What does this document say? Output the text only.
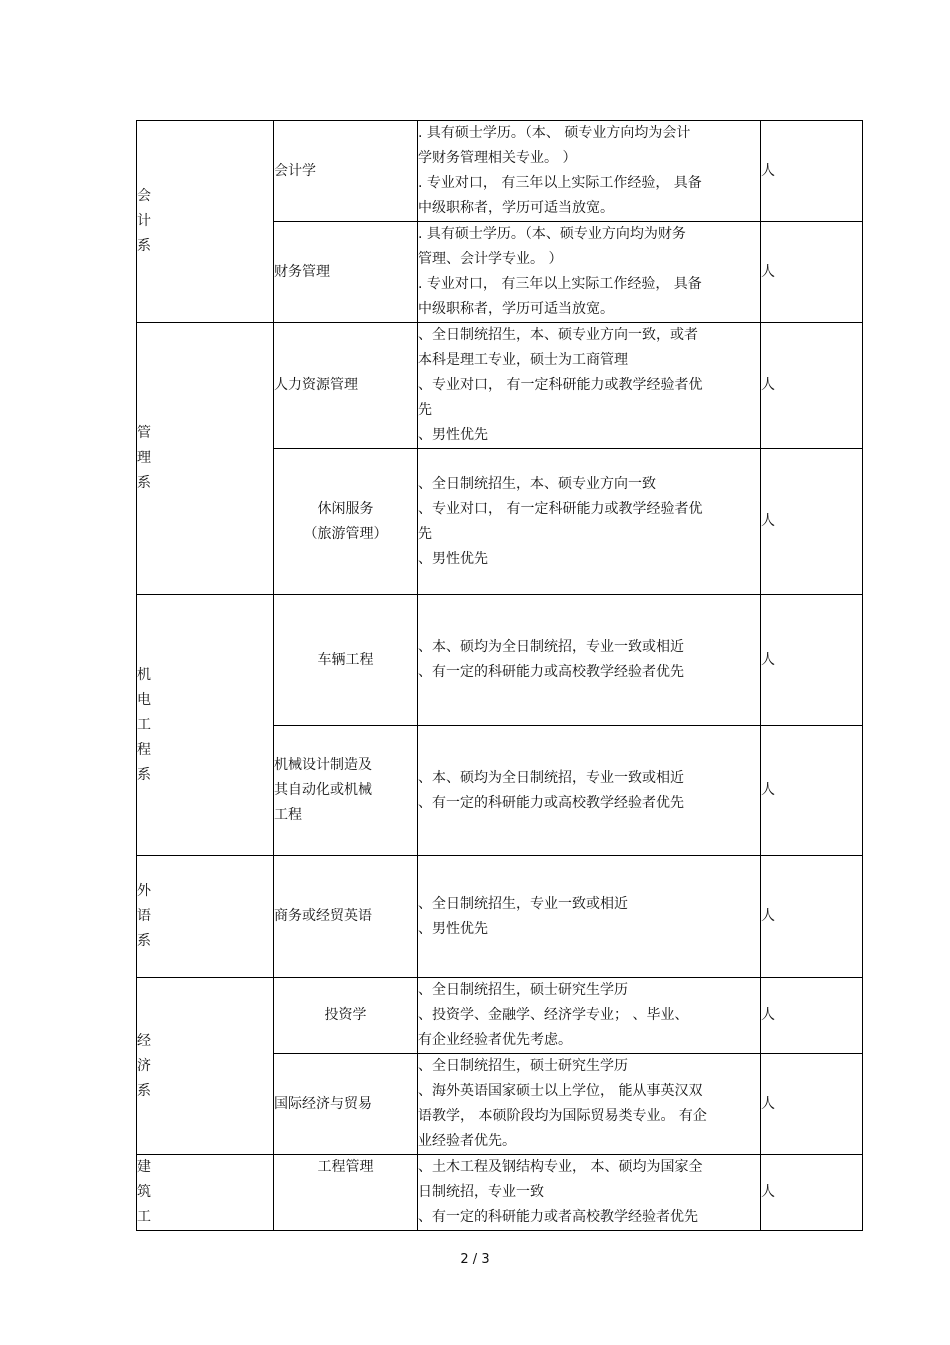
会
计
系	会计学	. 具有硕士学历。（本、 硕专业方向均为会计
学财务管理相关专业。 ）
. 专业对口， 有三年以上实际工作经验， 具备
中级职称者，学历可适当放宽。	人

	财务管理	. 具有硕士学历。（本、硕专业方向均为财务
管理、会计学专业。 ）
. 专业对口， 有三年以上实际工作经验， 具备
中级职称者，学历可适当放宽。	人

管
理
系	人力资源管理	、全日制统招生，本、硕专业方向一致，或者
本科是理工专业，硕士为工商管理
、专业对口， 有一定科研能力或教学经验者优
先
、男性优先	人

	休闲服务
（旅游管理）	、全日制统招生，本、硕专业方向一致
、专业对口， 有一定科研能力或教学经验者优
先
、男性优先	人

机
电
工
程
系	车辆工程	、本、硕均为全日制统招，专业一致或相近
、有一定的科研能力或高校教学经验者优先	人

	机械设计制造及
其自动化或机械
工程	、本、硕均为全日制统招，专业一致或相近
、有一定的科研能力或高校教学经验者优先	人

外
语
系	商务或经贸英语	、全日制统招生，专业一致或相近
、男性优先	人

经
济
系	投资学	、全日制统招生，硕士研究生学历
、投资学、金融学、经济学专业； 、毕业、
有企业经验者优先考虑。	人

	国际经济与贸易	、全日制统招生，硕士研究生学历
、海外英语国家硕士以上学位， 能从事英汉双
语教学， 本硕阶段均为国际贸易类专业。 有企
业经验者优先。	人

建
筑
工	工程管理	、土木工程及钢结构专业， 本、硕均为国家全
日制统招，专业一致
、有一定的科研能力或者高校教学经验者优先	人
2 / 3
